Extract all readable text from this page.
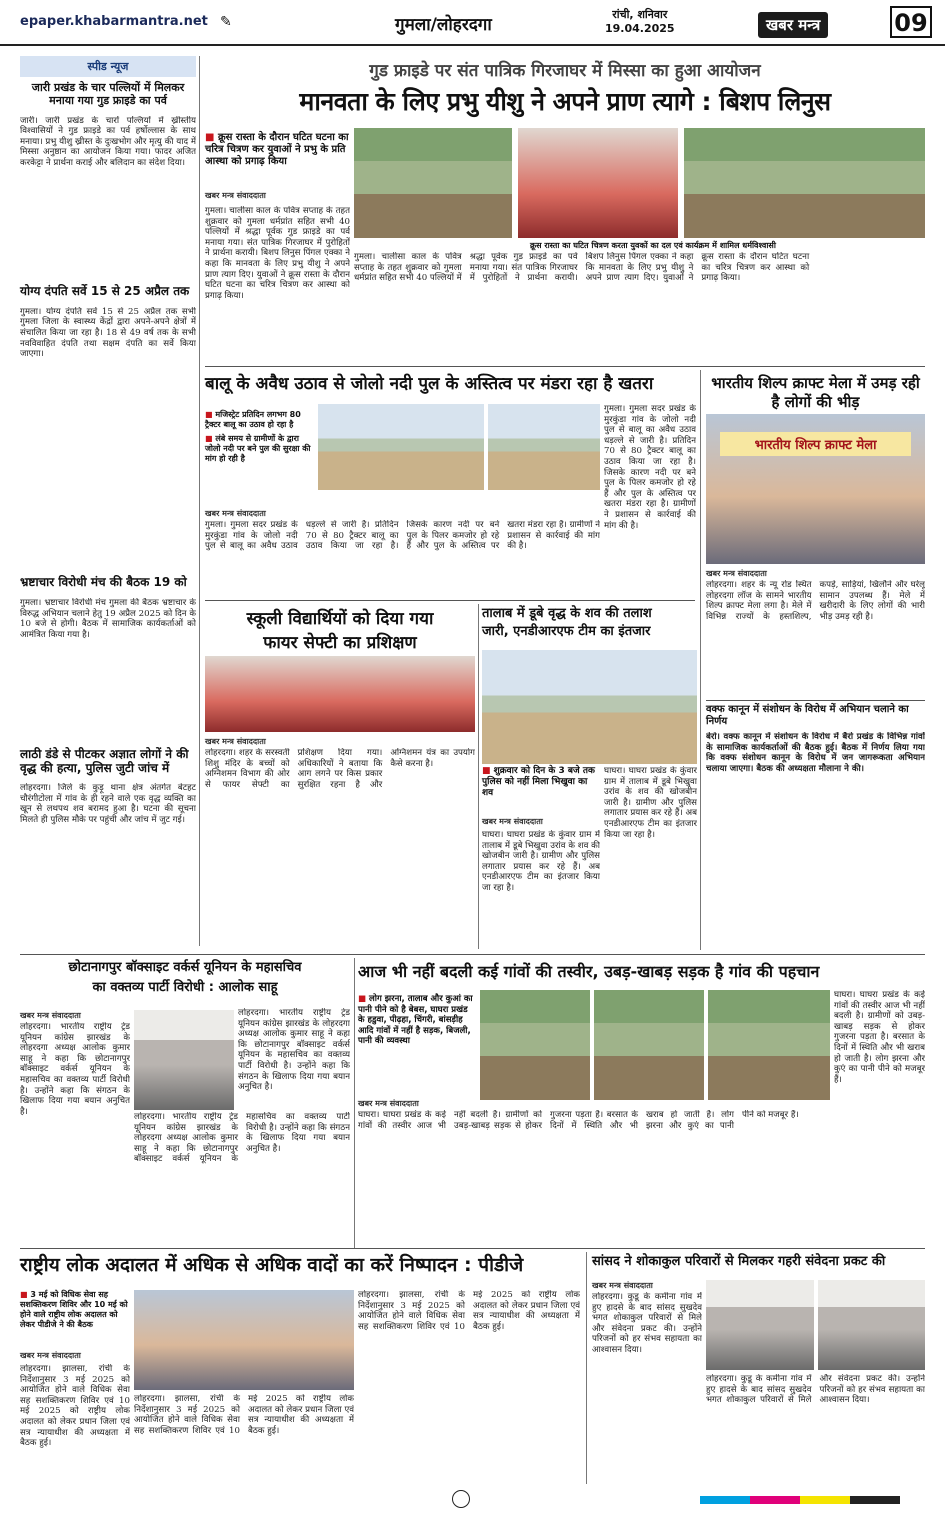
epaper.khabarmantra.net ✎	गुमला/लोहरदगा
रांची, शनिवार
19.04.2025	खबर मन्त्र	09
स्पीड न्यूज
जारी प्रखंड के चार पल्लियों में मिलकर मनाया गया गुड फ्राइडे का पर्व

जारी। जारी प्रखंड के चारों पल्लियों में ख्रीस्तीय विश्वासियों ने गुड फ्राइडे का पर्व हर्षोल्लास के साथ मनाया। प्रभु यीशु ख्रीस्त के दुःखभोग और मृत्यु की याद में मिस्सा अनुष्ठान का आयोजन किया गया। फादर अजित करकेट्टा ने प्रार्थना कराई और बलिदान का संदेश दिया।

योग्य दंपति सर्वे 15 से 25 अप्रैल तक

गुमला। योग्य दंपति सर्वे 15 से 25 अप्रैल तक सभी गुमला जिला के स्वास्थ्य केंद्रों द्वारा अपने-अपने क्षेत्रों में संचालित किया जा रहा है। 18 से 49 वर्ष तक के सभी नवविवाहित दंपति तथा सक्षम दंपति का सर्वे किया जाएगा।

भ्रष्टाचार विरोधी मंच की बैठक 19 को

गुमला। भ्रष्टाचार विरोधी मंच गुमला की बैठक भ्रष्टाचार के विरुद्ध अभियान चलाने हेतु 19 अप्रैल 2025 को दिन के 10 बजे से होगी। बैठक में सामाजिक कार्यकर्ताओं को आमंत्रित किया गया है।

लाठी डंडे से पीटकर अज्ञात लोगों ने की वृद्ध की हत्या, पुलिस जुटी जांच में

लोहरदगा। जिले के कुड़ू थाना क्षेत्र अंतर्गत बेटहट चौरंगीटोला में गांव के ही रहने वाले एक वृद्ध व्यक्ति का खून से लथपथ शव बरामद हुआ है। घटना की सूचना मिलते ही पुलिस मौके पर पहुंची और जांच में जुट गई।

गुड फ्राइडे पर संत पात्रिक गिरजाघर में मिस्सा का हुआ आयोजन
मानवता के लिए प्रभु यीशु ने अपने प्राण त्यागे : बिशप लिनुस
■ क्रूस रास्ता के दौरान घटित घटना का चरित्र चित्रण कर युवाओं ने प्रभु के प्रति आस्था को प्रगाढ़ किया
खबर मन्त्र संवाददाता
क्रूस रास्ता का घटित चित्रण करता युवकों का दल एवं कार्यक्रम में शामिल धर्मविश्वासी
गुमला। चालीसा काल के पवित्र सप्ताह के तहत शुक्रवार को गुमला धर्मप्रांत सहित सभी 40 पल्लियों में श्रद्धा पूर्वक गुड फ्राइडे का पर्व मनाया गया। संत पात्रिक गिरजाघर में पुरोहितों ने प्रार्थना करायी। बिशप लिनुस पिंगल एक्का ने कहा कि मानवता के लिए प्रभु यीशु ने अपने प्राण त्याग दिए। युवाओं ने क्रूस रास्ता के दौरान घटित घटना का चरित्र चित्रण कर आस्था को प्रगाढ़ किया।
गुमला। चालीसा काल के पवित्र सप्ताह के तहत शुक्रवार को गुमला धर्मप्रांत सहित सभी 40 पल्लियों में श्रद्धा पूर्वक गुड फ्राइडे का पर्व मनाया गया। संत पात्रिक गिरजाघर में पुरोहितों ने प्रार्थना करायी। बिशप लिनुस पिंगल एक्का ने कहा कि मानवता के लिए प्रभु यीशु ने अपने प्राण त्याग दिए। युवाओं ने क्रूस रास्ता के दौरान घटित घटना का चरित्र चित्रण कर आस्था को प्रगाढ़ किया।
बालू के अवैध उठाव से जोलो नदी पुल के अस्तित्व पर मंडरा रहा है खतरा
■ मजिस्ट्रेट प्रतिदिन लगभग 80 ट्रैक्टर बालू का उठाव हो रहा है
■ लंबे समय से ग्रामीणों के द्वारा जोलो नदी पर बने पुल की सुरक्षा की मांग हो रही है
खबर मन्त्र संवाददाता
गुमला। गुमला सदर प्रखंड के मुरकुंडा गांव के जोलो नदी पुल से बालू का अवैध उठाव धड़ल्ले से जारी है। प्रतिदिन 70 से 80 ट्रैक्टर बालू का उठाव किया जा रहा है। जिसके कारण नदी पर बने पुल के पिलर कमजोर हो रहे हैं और पुल के अस्तित्व पर खतरा मंडरा रहा है। ग्रामीणों ने प्रशासन से कार्रवाई की मांग की है।
गुमला। गुमला सदर प्रखंड के मुरकुंडा गांव के जोलो नदी पुल से बालू का अवैध उठाव धड़ल्ले से जारी है। प्रतिदिन 70 से 80 ट्रैक्टर बालू का उठाव किया जा रहा है। जिसके कारण नदी पर बने पुल के पिलर कमजोर हो रहे हैं और पुल के अस्तित्व पर खतरा मंडरा रहा है। ग्रामीणों ने प्रशासन से कार्रवाई की मांग की है।
भारतीय शिल्प क्राफ्ट मेला में उमड़ रही है लोगों की भीड़
भारतीय शिल्प क्राफ्ट मेला
खबर मन्त्र संवाददाता
लोहरदगा। शहर के न्यू रोड स्थित लोहरदगा लॉज के सामने भारतीय शिल्प क्राफ्ट मेला लगा है। मेले में विभिन्न राज्यों के हस्तशिल्प, कपड़े, साड़ियां, खिलौने और घरेलू सामान उपलब्ध हैं। मेले में खरीदारी के लिए लोगों की भारी भीड़ उमड़ रही है।
वक्फ कानून में संशोधन के विरोध में अभियान चलाने का निर्णय
बेरो। वक्फ कानून में संशोधन के विरोध में बैरो प्रखंड के विभिन्न गांवों के सामाजिक कार्यकर्ताओं की बैठक हुई। बैठक में निर्णय लिया गया कि वक्फ संशोधन कानून के विरोध में जन जागरूकता अभियान चलाया जाएगा। बैठक की अध्यक्षता मौलाना ने की।
स्कूली विद्यार्थियों को दिया गया
फायर सेफ्टी का प्रशिक्षण
खबर मन्त्र संवाददाता
लोहरदगा। शहर के सरस्वती शिशु मंदिर के बच्चों को अग्निशमन विभाग की ओर से फायर सेफ्टी का प्रशिक्षण दिया गया। अधिकारियों ने बताया कि आग लगने पर किस प्रकार सुरक्षित रहना है और अग्निशमन यंत्र का उपयोग कैसे करना है।
तालाब में डूबे वृद्ध के शव की तलाश
जारी, एनडीआरएफ टीम का इंतजार
■ शुक्रवार को दिन के 3 बजे तक पुलिस को नहीं मिला भिखुवा का शव
खबर मन्त्र संवाददाता
घाघरा। घाघरा प्रखंड के कुंवार ग्राम में तालाब में डूबे भिखुवा उरांव के शव की खोजबीन जारी है। ग्रामीण और पुलिस लगातार प्रयास कर रहे हैं। अब एनडीआरएफ टीम का इंतजार किया जा रहा है।
घाघरा। घाघरा प्रखंड के कुंवार ग्राम में तालाब में डूबे भिखुवा उरांव के शव की खोजबीन जारी है। ग्रामीण और पुलिस लगातार प्रयास कर रहे हैं। अब एनडीआरएफ टीम का इंतजार किया जा रहा है।
छोटानागपुर बॉक्साइट वर्कर्स यूनियन के महासचिव
का वक्तव्य पार्टी विरोधी : आलोक साहू
खबर मन्त्र संवाददाता
लोहरदगा। भारतीय राष्ट्रीय ट्रेड यूनियन कांग्रेस झारखंड के लोहरदगा अध्यक्ष आलोक कुमार साहू ने कहा कि छोटानागपुर बॉक्साइट वर्कर्स यूनियन के महासचिव का वक्तव्य पार्टी विरोधी है। उन्होंने कहा कि संगठन के खिलाफ दिया गया बयान अनुचित है।
लोहरदगा। भारतीय राष्ट्रीय ट्रेड यूनियन कांग्रेस झारखंड के लोहरदगा अध्यक्ष आलोक कुमार साहू ने कहा कि छोटानागपुर बॉक्साइट वर्कर्स यूनियन के महासचिव का वक्तव्य पार्टी विरोधी है। उन्होंने कहा कि संगठन के खिलाफ दिया गया बयान अनुचित है।
लोहरदगा। भारतीय राष्ट्रीय ट्रेड यूनियन कांग्रेस झारखंड के लोहरदगा अध्यक्ष आलोक कुमार साहू ने कहा कि छोटानागपुर बॉक्साइट वर्कर्स यूनियन के महासचिव का वक्तव्य पार्टी विरोधी है। उन्होंने कहा कि संगठन के खिलाफ दिया गया बयान अनुचित है।
आज भी नहीं बदली कई गांवों की तस्वीर, उबड़-खाबड़ सड़क है गांव की पहचान
■ लोग झरना, तालाब और कुआं का पानी पीने को है बेबस, घाघरा प्रखंड के हडुवा, पीढ़हा, चिंगरी, बांसड़ीह आदि गांवों में नहीं है सड़क, बिजली, पानी की व्यवस्था
घाघरा। घाघरा प्रखंड के कई गांवों की तस्वीर आज भी नहीं बदली है। ग्रामीणों को उबड़-खाबड़ सड़क से होकर गुजरना पड़ता है। बरसात के दिनों में स्थिति और भी खराब हो जाती है। लोग झरना और कुएं का पानी पीने को मजबूर हैं।
खबर मन्त्र संवाददाता
घाघरा। घाघरा प्रखंड के कई गांवों की तस्वीर आज भी नहीं बदली है। ग्रामीणों को उबड़-खाबड़ सड़क से होकर गुजरना पड़ता है। बरसात के दिनों में स्थिति और भी खराब हो जाती है। लोग झरना और कुएं का पानी पीने को मजबूर हैं।
राष्ट्रीय लोक अदालत में अधिक से अधिक वादों का करें निष्पादन : पीडीजे
■ 3 मई को विधिक सेवा सह सशक्तिकरण शिविर और 10 मई को होने वाले राष्ट्रीय लोक अदालत को लेकर पीडीजे ने की बैठक
खबर मन्त्र संवाददाता
लोहरदगा। झालसा, रांची के निर्देशानुसार 3 मई 2025 को आयोजित होने वाले विधिक सेवा सह सशक्तिकरण शिविर एवं 10 मई 2025 को राष्ट्रीय लोक अदालत को लेकर प्रधान जिला एवं सत्र न्यायाधीश की अध्यक्षता में बैठक हुई।
लोहरदगा। झालसा, रांची के निर्देशानुसार 3 मई 2025 को आयोजित होने वाले विधिक सेवा सह सशक्तिकरण शिविर एवं 10 मई 2025 को राष्ट्रीय लोक अदालत को लेकर प्रधान जिला एवं सत्र न्यायाधीश की अध्यक्षता में बैठक हुई।
लोहरदगा। झालसा, रांची के निर्देशानुसार 3 मई 2025 को आयोजित होने वाले विधिक सेवा सह सशक्तिकरण शिविर एवं 10 मई 2025 को राष्ट्रीय लोक अदालत को लेकर प्रधान जिला एवं सत्र न्यायाधीश की अध्यक्षता में बैठक हुई।
सांसद ने शोकाकुल परिवारों से मिलकर गहरी संवेदना प्रकट की
खबर मन्त्र संवाददाता
लोहरदगा। कुडू के कमीना गांव में हुए हादसे के बाद सांसद सुखदेव भगत शोकाकुल परिवारों से मिले और संवेदना प्रकट की। उन्होंने परिजनों को हर संभव सहायता का आश्वासन दिया।
लोहरदगा। कुडू के कमीना गांव में हुए हादसे के बाद सांसद सुखदेव भगत शोकाकुल परिवारों से मिले और संवेदना प्रकट की। उन्होंने परिजनों को हर संभव सहायता का आश्वासन दिया।
